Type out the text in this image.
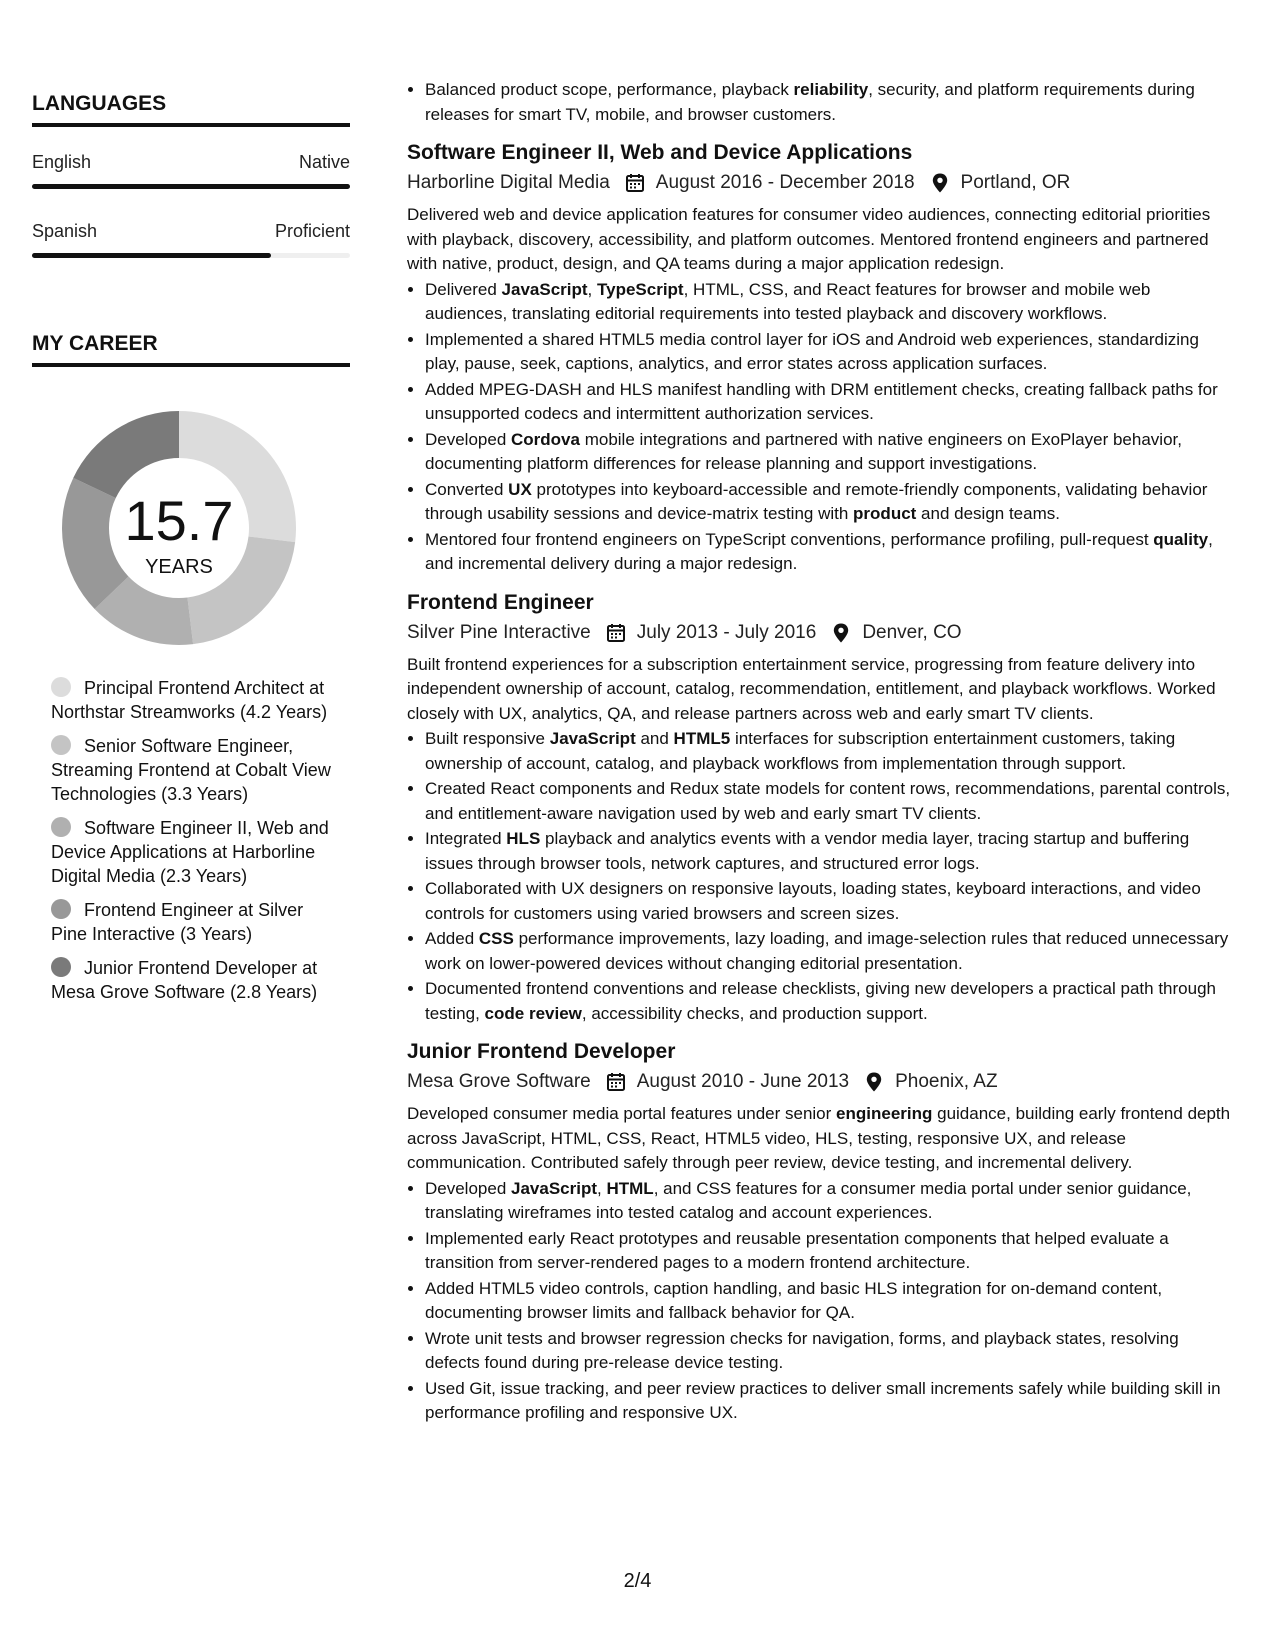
LANGUAGES
English	Native
Spanish	Proficient
MY CAREER
15.7
YEARS
Principal Frontend Architect at Northstar Streamworks (4.2 Years)
Senior Software Engineer, Streaming Frontend at Cobalt View Technologies (3.3 Years)
Software Engineer II, Web and Device Applications at Harborline Digital Media (2.3 Years)
Frontend Engineer at Silver Pine Interactive (3 Years)
Junior Frontend Developer at Mesa Grove Software (2.8 Years)
• Balanced product scope, performance, playback reliability, security, and platform requirements during releases for smart TV, mobile, and browser customers.
Software Engineer II, Web and Device Applications
Harborline Digital Media August 2016 - December 2018 Portland, OR
Delivered web and device application features for consumer video audiences, connecting editorial priorities with playback, discovery, accessibility, and platform outcomes. Mentored frontend engineers and partnered with native, product, design, and QA teams during a major application redesign.
• Delivered JavaScript, TypeScript, HTML, CSS, and React features for browser and mobile web audiences, translating editorial requirements into tested playback and discovery workflows.
• Implemented a shared HTML5 media control layer for iOS and Android web experiences, standardizing play, pause, seek, captions, analytics, and error states across application surfaces.
• Added MPEG-DASH and HLS manifest handling with DRM entitlement checks, creating fallback paths for unsupported codecs and intermittent authorization services.
• Developed Cordova mobile integrations and partnered with native engineers on ExoPlayer behavior, documenting platform differences for release planning and support investigations.
• Converted UX prototypes into keyboard-accessible and remote-friendly components, validating behavior through usability sessions and device-matrix testing with product and design teams.
• Mentored four frontend engineers on TypeScript conventions, performance profiling, pull-request quality, and incremental delivery during a major redesign.
Frontend Engineer
Silver Pine Interactive July 2013 - July 2016 Denver, CO
Built frontend experiences for a subscription entertainment service, progressing from feature delivery into independent ownership of account, catalog, recommendation, entitlement, and playback workflows. Worked closely with UX, analytics, QA, and release partners across web and early smart TV clients.
• Built responsive JavaScript and HTML5 interfaces for subscription entertainment customers, taking ownership of account, catalog, and playback workflows from implementation through support.
• Created React components and Redux state models for content rows, recommendations, parental controls, and entitlement-aware navigation used by web and early smart TV clients.
• Integrated HLS playback and analytics events with a vendor media layer, tracing startup and buffering issues through browser tools, network captures, and structured error logs.
• Collaborated with UX designers on responsive layouts, loading states, keyboard interactions, and video controls for customers using varied browsers and screen sizes.
• Added CSS performance improvements, lazy loading, and image-selection rules that reduced unnecessary work on lower-powered devices without changing editorial presentation.
• Documented frontend conventions and release checklists, giving new developers a practical path through testing, code review, accessibility checks, and production support.
Junior Frontend Developer
Mesa Grove Software August 2010 - June 2013 Phoenix, AZ
Developed consumer media portal features under senior engineering guidance, building early frontend depth across JavaScript, HTML, CSS, React, HTML5 video, HLS, testing, responsive UX, and release communication. Contributed safely through peer review, device testing, and incremental delivery.
• Developed JavaScript, HTML, and CSS features for a consumer media portal under senior guidance, translating wireframes into tested catalog and account experiences.
• Implemented early React prototypes and reusable presentation components that helped evaluate a transition from server-rendered pages to a modern frontend architecture.
• Added HTML5 video controls, caption handling, and basic HLS integration for on-demand content, documenting browser limits and fallback behavior for QA.
• Wrote unit tests and browser regression checks for navigation, forms, and playback states, resolving defects found during pre-release device testing.
• Used Git, issue tracking, and peer review practices to deliver small increments safely while building skill in performance profiling and responsive UX.
2/4
